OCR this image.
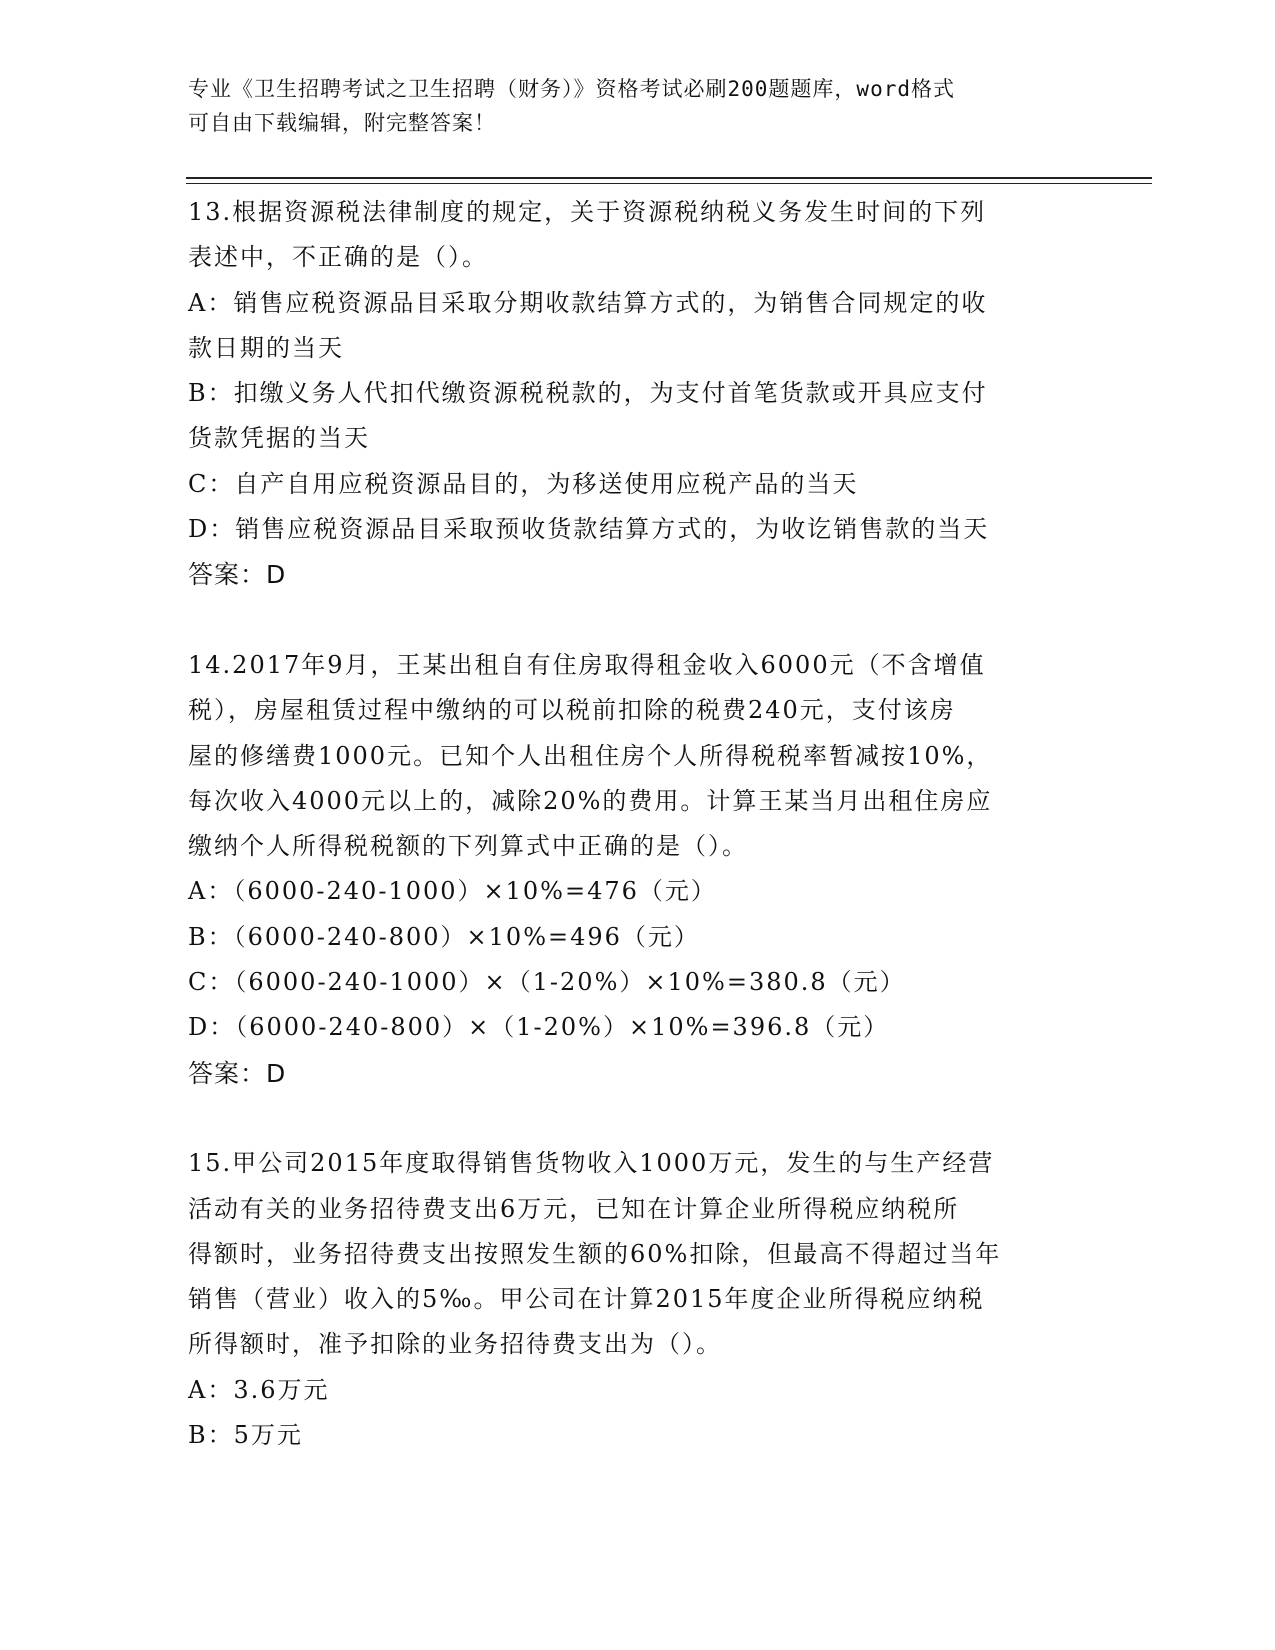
专业《卫生招聘考试之卫生招聘（财务）》资格考试必刷200题题库，word格式
可自由下载编辑，附完整答案！
13.根据资源税法律制度的规定，关于资源税纳税义务发生时间的下列
表述中，不正确的是（）。
A：销售应税资源品目采取分期收款结算方式的，为销售合同规定的收
款日期的当天
B：扣缴义务人代扣代缴资源税税款的，为支付首笔货款或开具应支付
货款凭据的当天
C：自产自用应税资源品目的，为移送使用应税产品的当天
D：销售应税资源品目采取预收货款结算方式的，为收讫销售款的当天
答案：D
14.2017年9月，王某出租自有住房取得租金收入6000元（不含增值
税），房屋租赁过程中缴纳的可以税前扣除的税费240元，支付该房
屋的修缮费1000元。已知个人出租住房个人所得税税率暂减按10%，
每次收入4000元以上的，减除20%的费用。计算王某当月出租住房应
缴纳个人所得税税额的下列算式中正确的是（）。
A：（6000-240-1000）×10%=476（元）
B：（6000-240-800）×10%=496（元）
C：（6000-240-1000）×（1-20%）×10%=380.8（元）
D：（6000-240-800）×（1-20%）×10%=396.8（元）
答案：D
15.甲公司2015年度取得销售货物收入1000万元，发生的与生产经营
活动有关的业务招待费支出6万元，已知在计算企业所得税应纳税所
得额时，业务招待费支出按照发生额的60%扣除，但最高不得超过当年
销售（营业）收入的5‰。甲公司在计算2015年度企业所得税应纳税
所得额时，准予扣除的业务招待费支出为（）。
A：3.6万元
B：5万元
